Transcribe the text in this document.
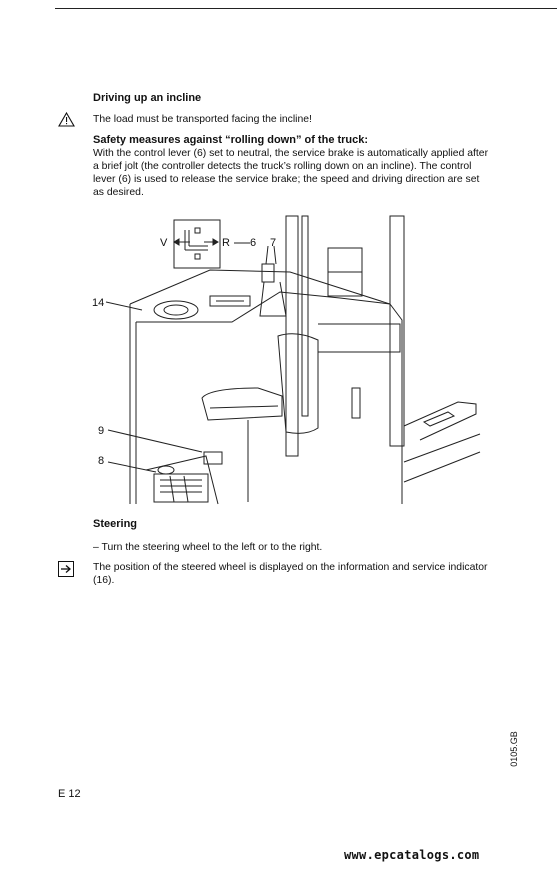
Driving up an incline
The load must be transported facing the incline!
Safety measures against “rolling down” of the truck:
With the control lever (6) set to neutral, the service brake is automatically applied after
a brief jolt (the controller detects the truck’s rolling down on an incline). The control
lever (6) is used to release the service brake; the speed and driving direction are set
as desired.
V	R 6 7
14
9
8
Steering
– Turn the steering wheel to the left or to the right.
The position of the steered wheel is displayed on the information and service indicator
(16).
0105.GB
E 12
www.epcatalogs.com
